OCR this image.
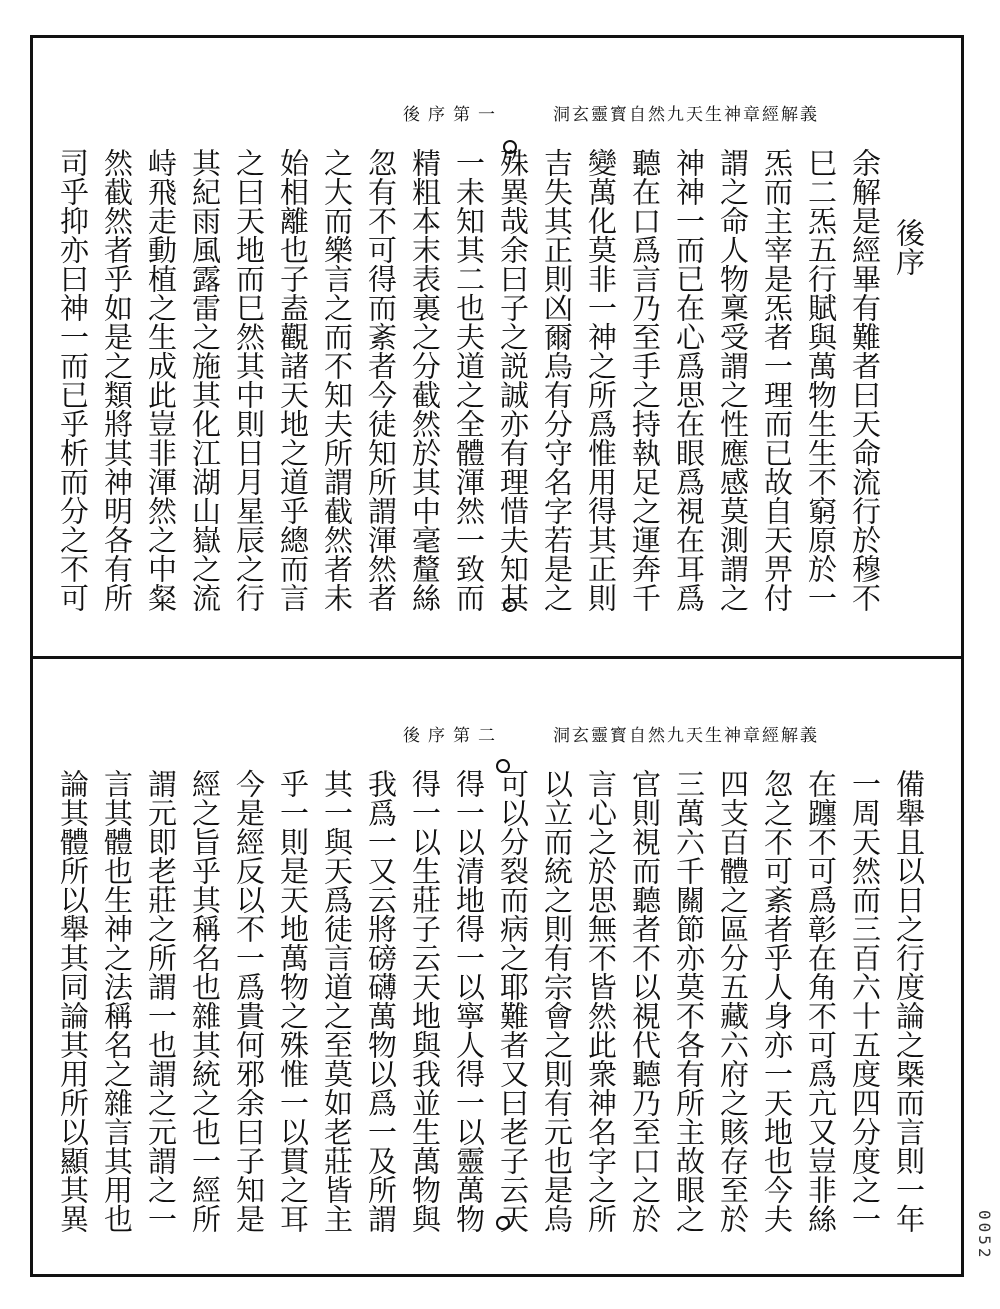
後序第一	洞玄靈寳自然九天生神章經解義
後序
余解是經畢有難者曰天命流行於穆不
巳二炁五行賦與萬物生生不窮原於一
炁而主宰是炁者一理而已故自天畀付
謂之命人物稟受謂之性應感莫測謂之
神神一而已在心爲思在眼爲視在耳爲
聽在口爲言乃至手之持執足之運奔千
變萬化莫非一神之所爲惟用得其正則
吉失其正則凶爾烏有分守名字若是之
殊異哉余曰子之説誠亦有理惜夫知其
一未知其二也夫道之全體渾然一致而
精粗本末表裏之分截然於其中毫釐絲
忽有不可得而紊者今徒知所謂渾然者
之大而樂言之而不知夫所謂截然者未
始相離也子盍觀諸天地之道乎總而言
之曰天地而巳然其中則日月星辰之行
其紀雨風露雷之施其化江湖山嶽之流
峙飛走動植之生成此豈非渾然之中粲
然截然者乎如是之類將其神明各有所
司乎抑亦曰神一而已乎析而分之不可
後序第二	洞玄靈寳自然九天生神章經解義
備舉且以日之行度論之槩而言則一年
一周天然而三百六十五度四分度之一
在躔不可爲彰在角不可爲亢又豈非絲
忽之不可紊者乎人身亦一天地也今夫
四支百體之區分五藏六府之賅存至於
三萬六千關節亦莫不各有所主故眼之
官則視而聽者不以視代聽乃至口之於
言心之於思無不皆然此衆神名字之所
以立而統之則有宗會之則有元也是烏
可以分裂而病之耶難者又曰老子云天
得一以清地得一以寧人得一以靈萬物
得一以生莊子云天地與我並生萬物與
我爲一又云將磅礴萬物以爲一及所謂
其一與天爲徒言道之至莫如老莊皆主
乎一則是天地萬物之殊惟一以貫之耳
今是經反以不一爲貴何邪余曰子知是
經之旨乎其稱名也雜其統之也一經所
謂元即老莊之所謂一也謂之元謂之一
言其體也生神之法稱名之雜言其用也
論其體所以舉其同論其用所以顯其異
0052
